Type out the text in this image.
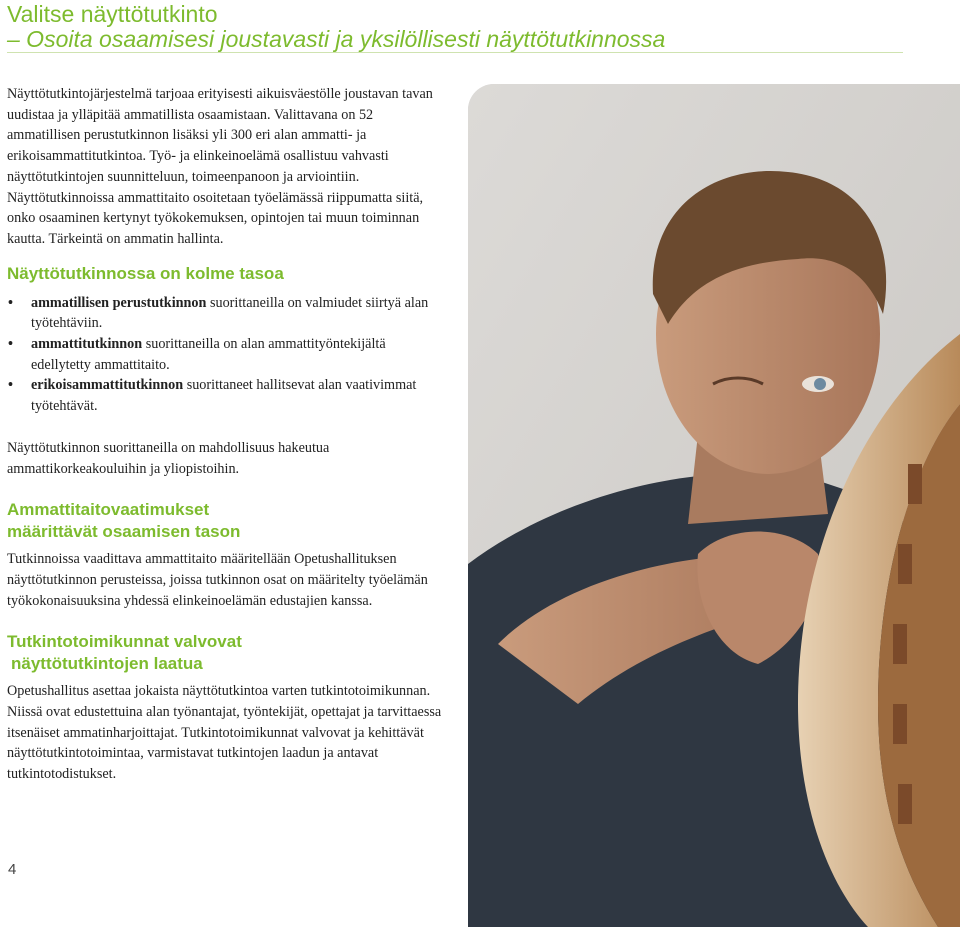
Valitse näyttötutkinto
– Osoita osaamisesi joustavasti ja yksilöllisesti näyttötutkinnossa

Näyttötutkintojärjestelmä tarjoaa erityisesti aikuisväestölle joustavan tavan uudistaa ja ylläpitää ammatillista osaamistaan. Valittavana on 52 ammatillisen perustutkinnon lisäksi yli 300 eri alan ammatti- ja erikoisammattitutkintoa. Työ- ja elinkeinoelämä osallistuu vahvasti näyttötutkintojen suunnitteluun, toimeenpanoon ja arviointiin. Näyttötutkinnoissa ammattitaito osoitetaan työelämässä riippumatta siitä, onko osaaminen kertynyt työkokemuksen, opintojen tai muun toiminnan kautta. Tärkeintä on ammatin hallinta.

Näyttötutkinnossa on kolme tasoa
• ammatillisen perustutkinnon suorittaneilla on valmiudet siirtyä alan työtehtäviin.
• ammattitutkinnon suorittaneilla on alan ammattityöntekijältä edellytetty ammattitaito.
• erikoisammattitutkinnon suorittaneet hallitsevat alan vaativimmat työtehtävät.

Näyttötutkinnon suorittaneilla on mahdollisuus hakeutua ammattikorkeakouluihin ja yliopistoihin.

Ammattitaitovaatimukset
määrittävät osaamisen tason

Tutkinnoissa vaadittava ammattitaito määritellään Opetushallituksen näyttötutkinnon perusteissa, joissa tutkinnon osat on määritelty työelämän työkokonaisuuksina yhdessä elinkeinoelämän edustajien kanssa.

Tutkintotoimikunnat valvovat
näyttötutkintojen laatua

Opetushallitus asettaa jokaista näyttötutkintoa varten tutkintotoimikunnan. Niissä ovat edustettuina alan työnantajat, työntekijät, opettajat ja tarvittaessa itsenäiset ammatinharjoittajat. Tutkintotoimikunnat valvovat ja kehittävät näyttötutkintotoimintaa, varmistavat tutkintojen laadun ja antavat tutkintotodistukset.

4
